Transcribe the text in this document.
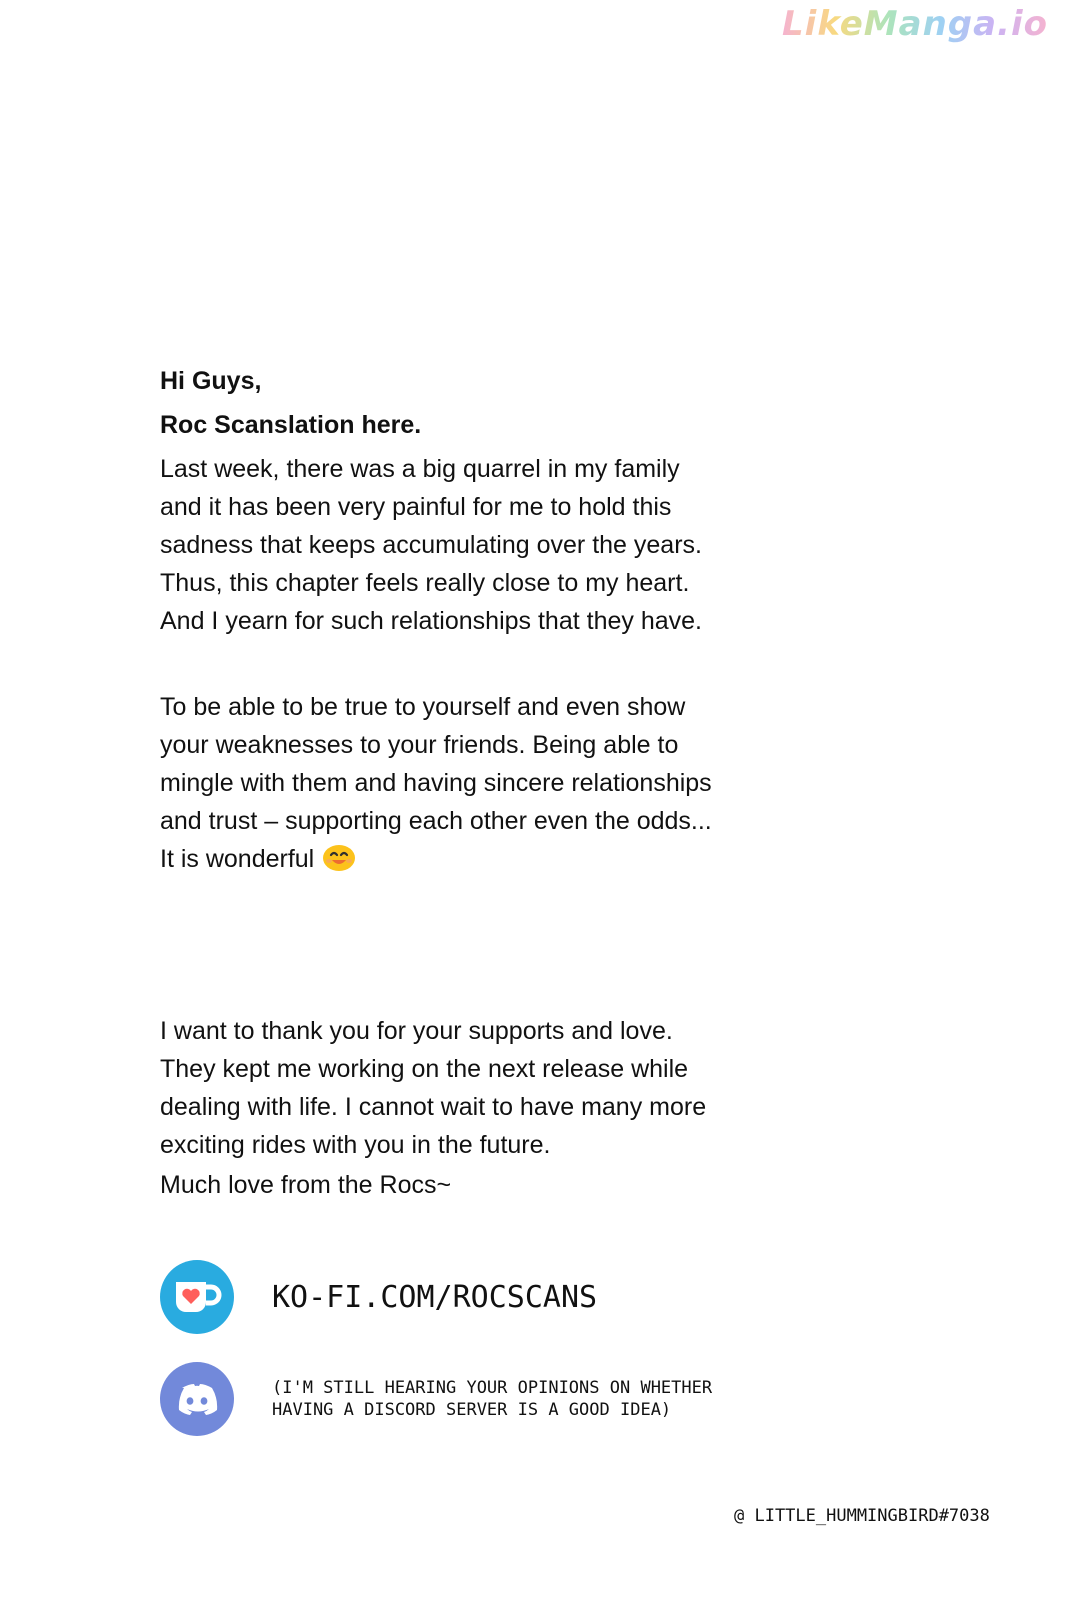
LikeManga.io

Hi Guys,

Roc Scanslation here.

Last week, there was a big quarrel in my family
and it has been very painful for me to hold this
sadness that keeps accumulating over the years.
Thus, this chapter feels really close to my heart.
And I yearn for such relationships that they have.

To be able to be true to yourself and even show
your weaknesses to your friends. Being able to
mingle with them and having sincere relationships
and trust – supporting each other even the odds...
It is wonderful

I want to thank you for your supports and love.
They kept me working on the next release while
dealing with life. I cannot wait to have many more
exciting rides with you in the future.

Much love from the Rocs~

KO-FI.COM/ROCSCANS
(I'M STILL HEARING YOUR OPINIONS ON WHETHER
HAVING A DISCORD SERVER IS A GOOD IDEA)
@ LITTLE_HUMMINGBIRD#7038
